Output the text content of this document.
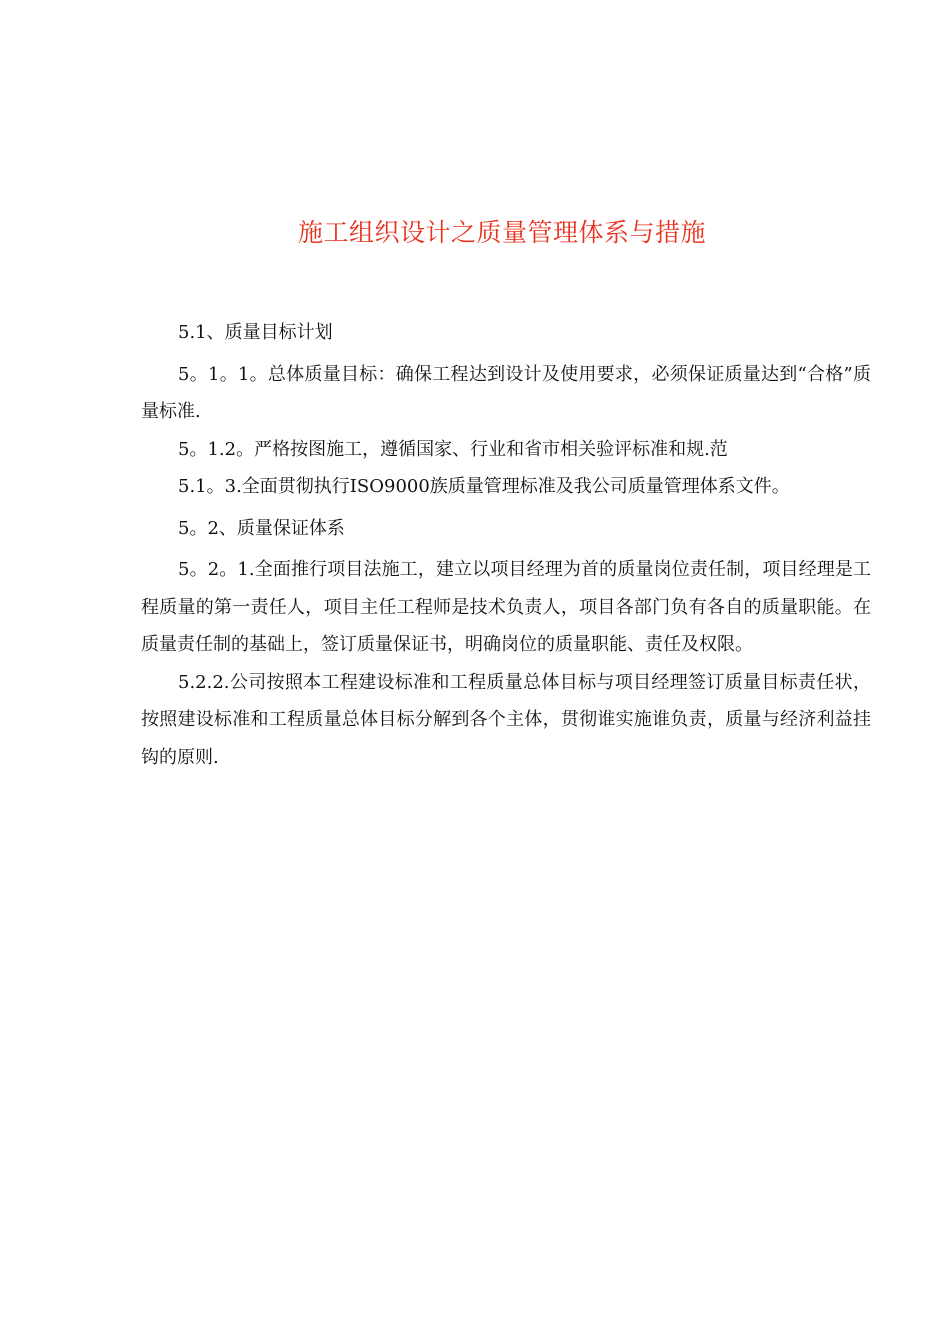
施工组织设计之质量管理体系与措施

5.1、质量目标计划

5。1。1。总体质量目标：确保工程达到设计及使用要求，必须保证质量达到“合格”质量标准.

5。1.2。严格按图施工，遵循国家、行业和省市相关验评标准和规.范

5.1。3.全面贯彻执行ISO9000族质量管理标准及我公司质量管理体系文件。

5。2、质量保证体系

5。2。1.全面推行项目法施工，建立以项目经理为首的质量岗位责任制，项目经理是工程质量的第一责任人，项目主任工程师是技术负责人，项目各部门负有各自的质量职能。在质量责任制的基础上，签订质量保证书，明确岗位的质量职能、责任及权限。

5.2.2.公司按照本工程建设标准和工程质量总体目标与项目经理签订质量目标责任状，按照建设标准和工程质量总体目标分解到各个主体，贯彻谁实施谁负责，质量与经济利益挂钩的原则.
